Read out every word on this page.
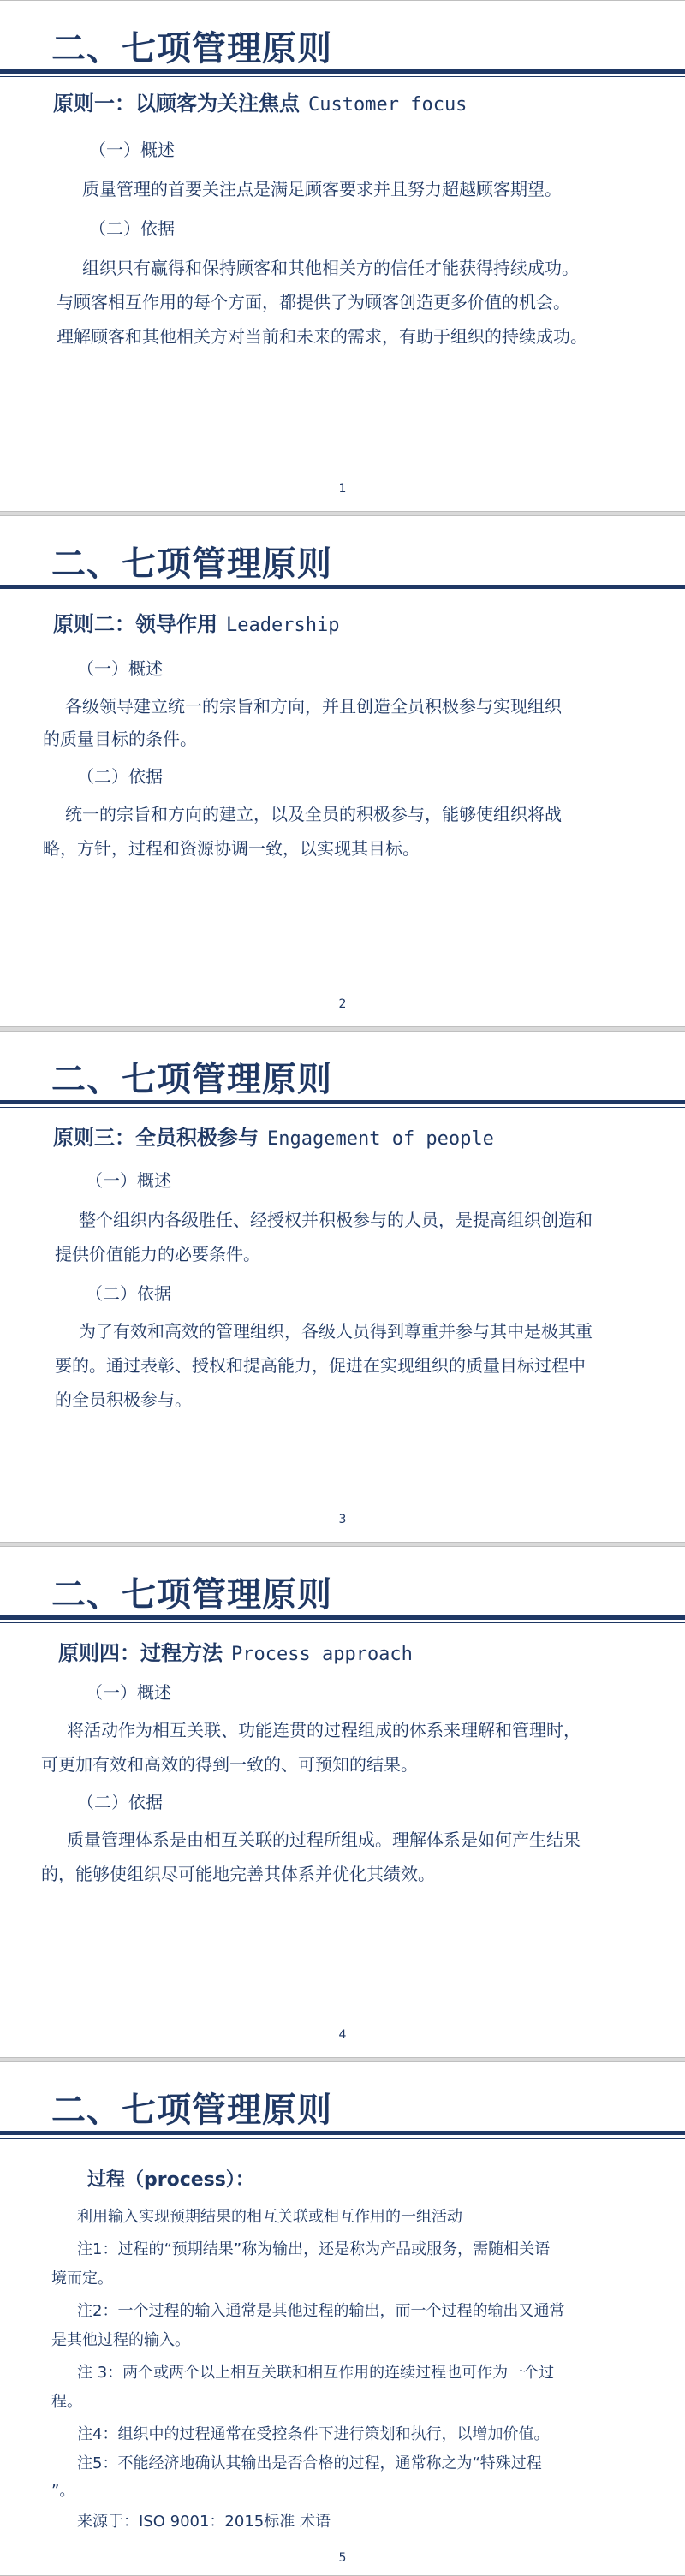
二、七项管理原则
原则一：以顾客为关注焦点 Customer focus
（一）概述
质量管理的首要关注点是满足顾客要求并且努力超越顾客期望。
（二）依据
组织只有赢得和保持顾客和其他相关方的信任才能获得持续成功。
与顾客相互作用的每个方面，都提供了为顾客创造更多价值的机会。
理解顾客和其他相关方对当前和未来的需求，有助于组织的持续成功。
1
二、七项管理原则
原则二：领导作用 Leadership
（一）概述
各级领导建立统一的宗旨和方向，并且创造全员积极参与实现组织
的质量目标的条件。
（二）依据
统一的宗旨和方向的建立，以及全员的积极参与，能够使组织将战
略，方针，过程和资源协调一致，以实现其目标。
2
二、七项管理原则
原则三：全员积极参与 Engagement of people
（一）概述
整个组织内各级胜任、经授权并积极参与的人员，是提高组织创造和
提供价值能力的必要条件。
（二）依据
为了有效和高效的管理组织，各级人员得到尊重并参与其中是极其重
要的。通过表彰、授权和提高能力，促进在实现组织的质量目标过程中
的全员积极参与。
3
二、七项管理原则
原则四：过程方法 Process approach
（一）概述
将活动作为相互关联、功能连贯的过程组成的体系来理解和管理时，
可更加有效和高效的得到一致的、可预知的结果。
（二）依据
质量管理体系是由相互关联的过程所组成。理解体系是如何产生结果
的，能够使组织尽可能地完善其体系并优化其绩效。
4
二、七项管理原则
过程（process）：
利用输入实现预期结果的相互关联或相互作用的一组活动
注1：过程的“预期结果”称为输出，还是称为产品或服务，需随相关语
境而定。
注2：一个过程的输入通常是其他过程的输出，而一个过程的输出又通常
是其他过程的输入。
注 3：两个或两个以上相互关联和相互作用的连续过程也可作为一个过
程。
注4：组织中的过程通常在受控条件下进行策划和执行，以增加价值。
注5：不能经济地确认其输出是否合格的过程，通常称之为“特殊过程
”。
来源于：ISO 9001：2015标准 术语
5
